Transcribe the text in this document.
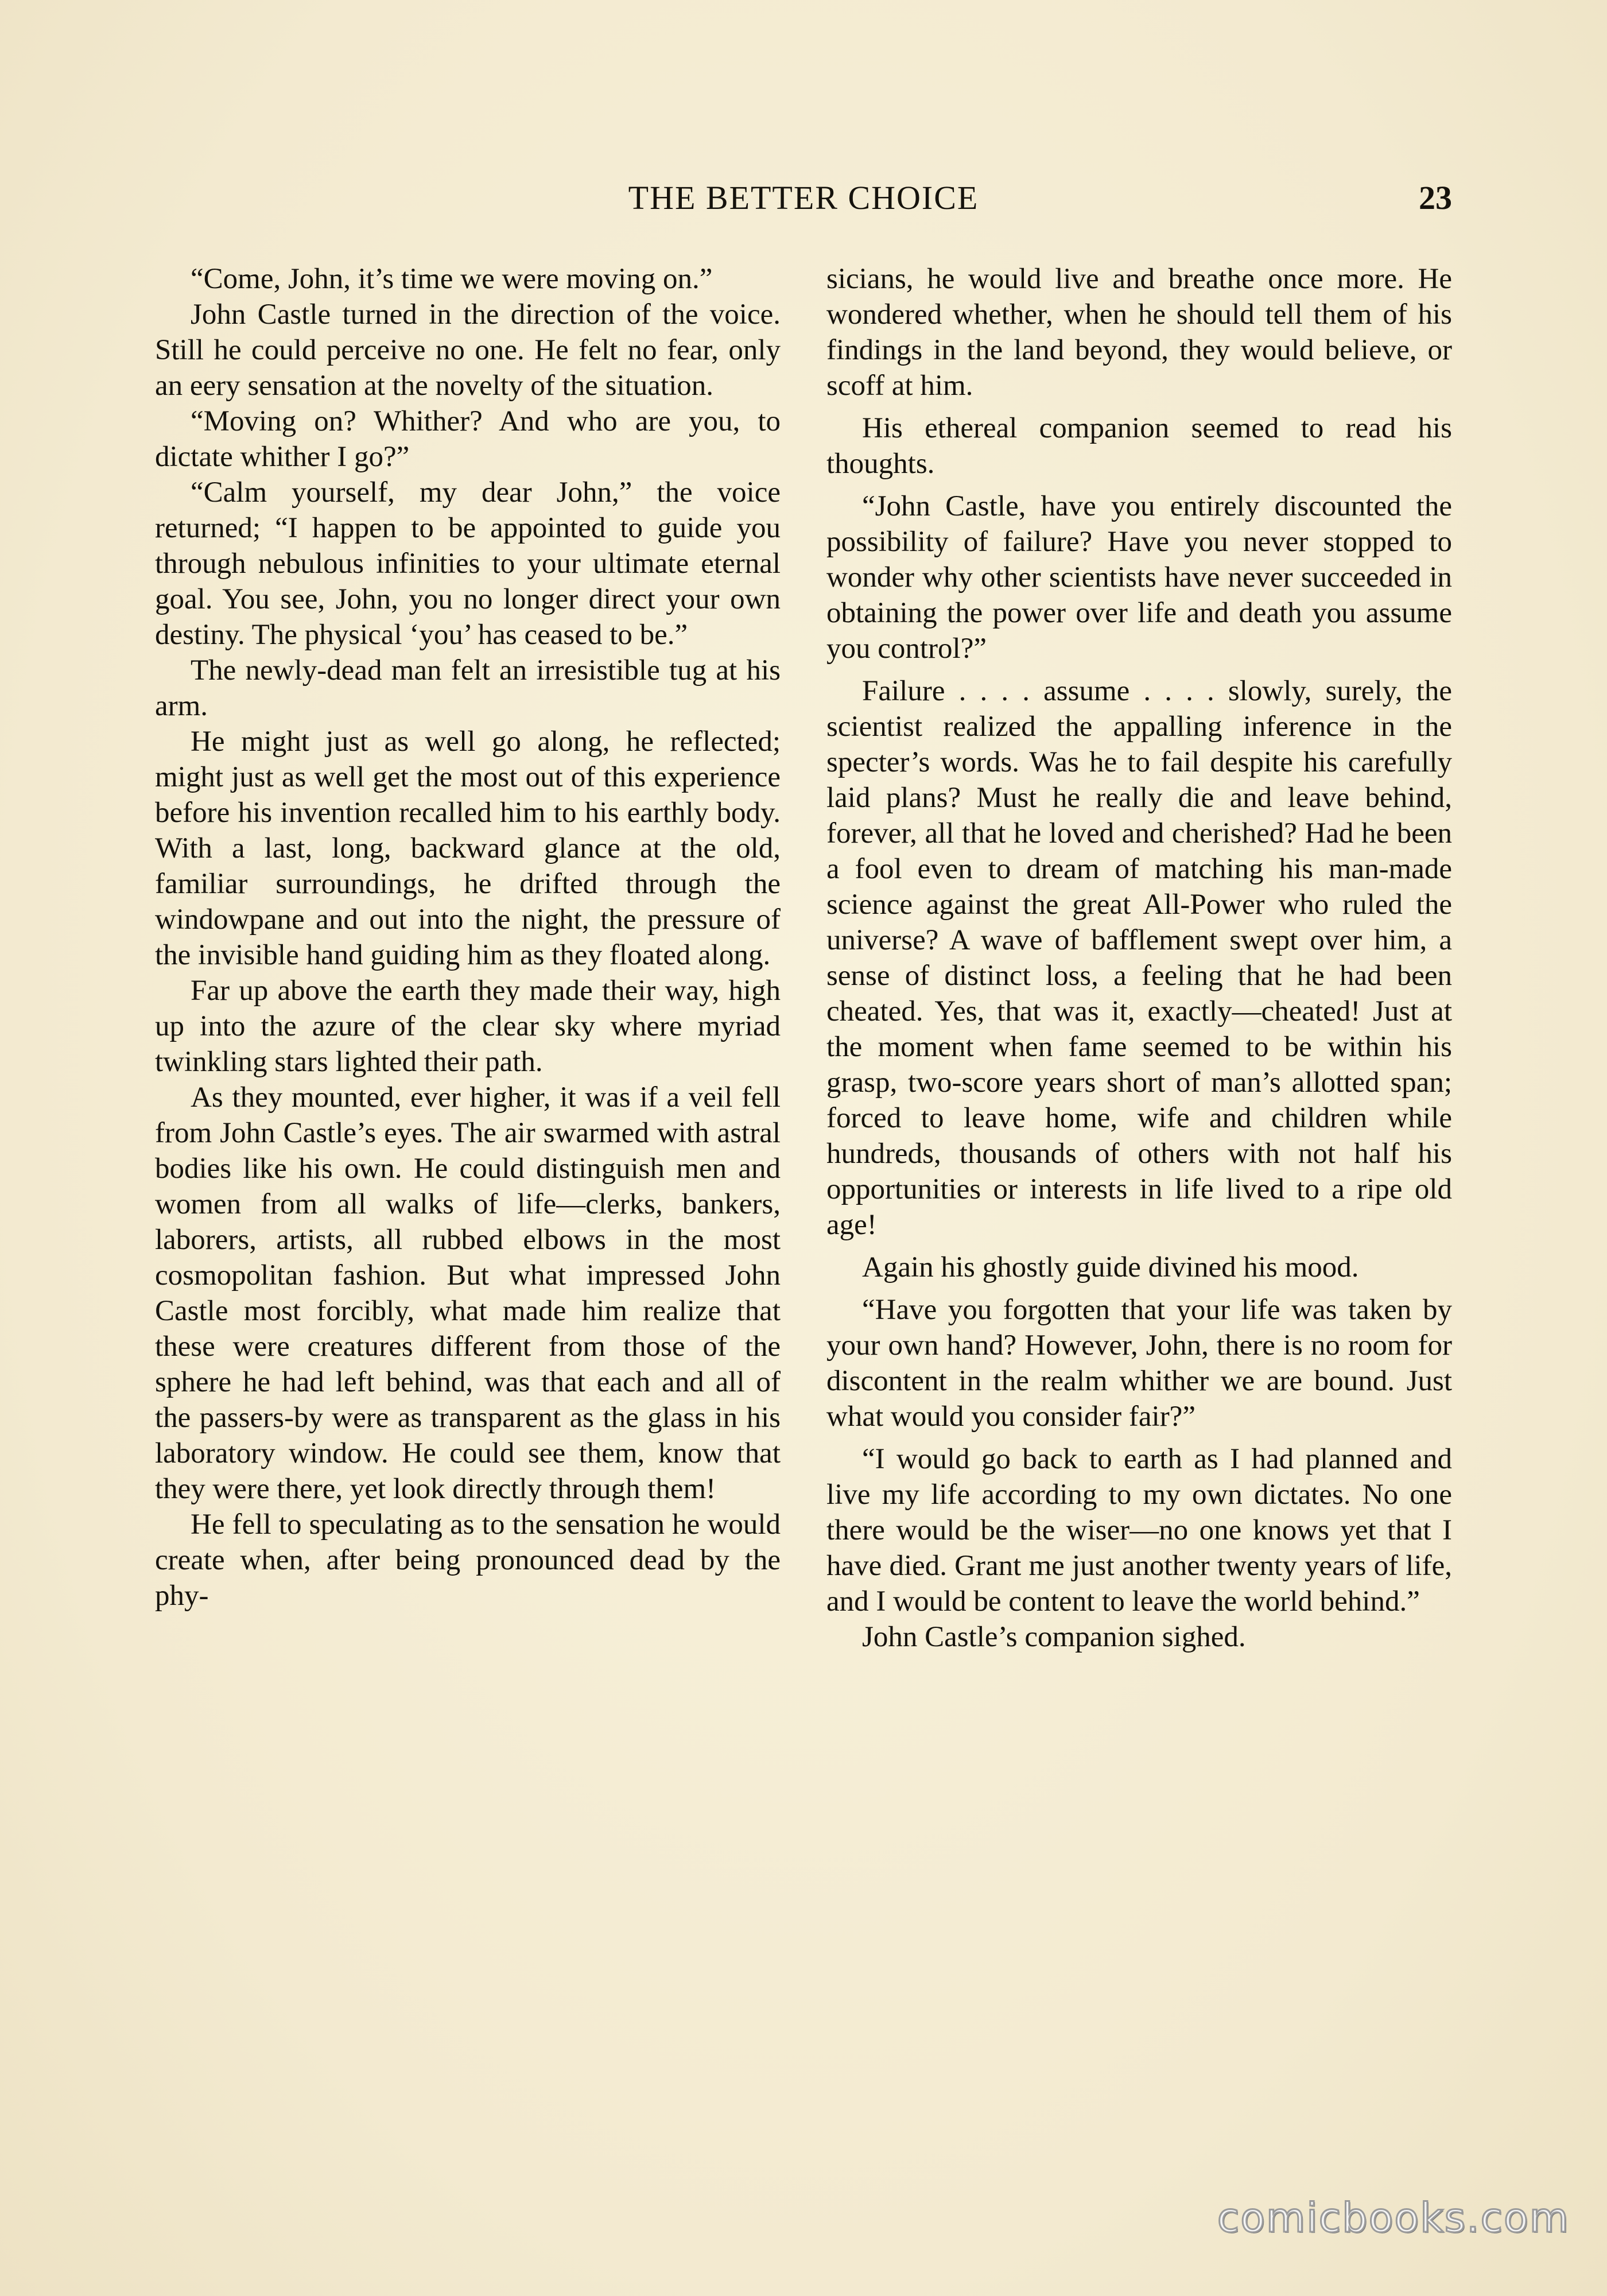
THE BETTER CHOICE	23

“Come, John, it’s time we were moving on.”

John Castle turned in the direction of the voice. Still he could perceive no one. He felt no fear, only an eery sensation at the novelty of the situation.

“Moving on? Whither? And who are you, to dictate whither I go?”

“Calm yourself, my dear John,” the voice returned; “I happen to be appointed to guide you through nebulous infinities to your ultimate eternal goal. You see, John, you no longer direct your own destiny. The physical ‘you’ has ceased to be.”

The newly-dead man felt an irresistible tug at his arm.

He might just as well go along, he reflected; might just as well get the most out of this experience before his invention recalled him to his earthly body. With a last, long, backward glance at the old, familiar surroundings, he drifted through the windowpane and out into the night, the pressure of the invisible hand guiding him as they floated along.

Far up above the earth they made their way, high up into the azure of the clear sky where myriad twinkling stars lighted their path.

As they mounted, ever higher, it was if a veil fell from John Castle’s eyes. The air swarmed with astral bodies like his own. He could distinguish men and women from all walks of life—clerks, bankers, laborers, artists, all rubbed elbows in the most cosmopolitan fashion. But what impressed John Castle most forcibly, what made him realize that these were creatures different from those of the sphere he had left behind, was that each and all of the passers-by were as transparent as the glass in his laboratory window. He could see them, know that they were there, yet look directly through them!

He fell to speculating as to the sensation he would create when, after being pronounced dead by the phy-

sicians, he would live and breathe once more. He wondered whether, when he should tell them of his findings in the land beyond, they would believe, or scoff at him.

His ethereal companion seemed to read his thoughts.

“John Castle, have you entirely discounted the possibility of failure? Have you never stopped to wonder why other scientists have never succeeded in obtaining the power over life and death you assume you control?”

Failure . . . . assume . . . . slowly, surely, the scientist realized the appalling inference in the specter’s words. Was he to fail despite his carefully laid plans? Must he really die and leave behind, forever, all that he loved and cherished? Had he been a fool even to dream of matching his man-made science against the great All-Power who ruled the universe? A wave of bafflement swept over him, a sense of distinct loss, a feeling that he had been cheated. Yes, that was it, exactly—cheated! Just at the moment when fame seemed to be within his grasp, two-score years short of man’s allotted span; forced to leave home, wife and children while hundreds, thousands of others with not half his opportunities or interests in life lived to a ripe old age!

Again his ghostly guide divined his mood.

“Have you forgotten that your life was taken by your own hand? However, John, there is no room for discontent in the realm whither we are bound. Just what would you consider fair?”

“I would go back to earth as I had planned and live my life according to my own dictates. No one there would be the wiser—no one knows yet that I have died. Grant me just another twenty years of life, and I would be content to leave the world behind.”

John Castle’s companion sighed.

comicbooks.com
